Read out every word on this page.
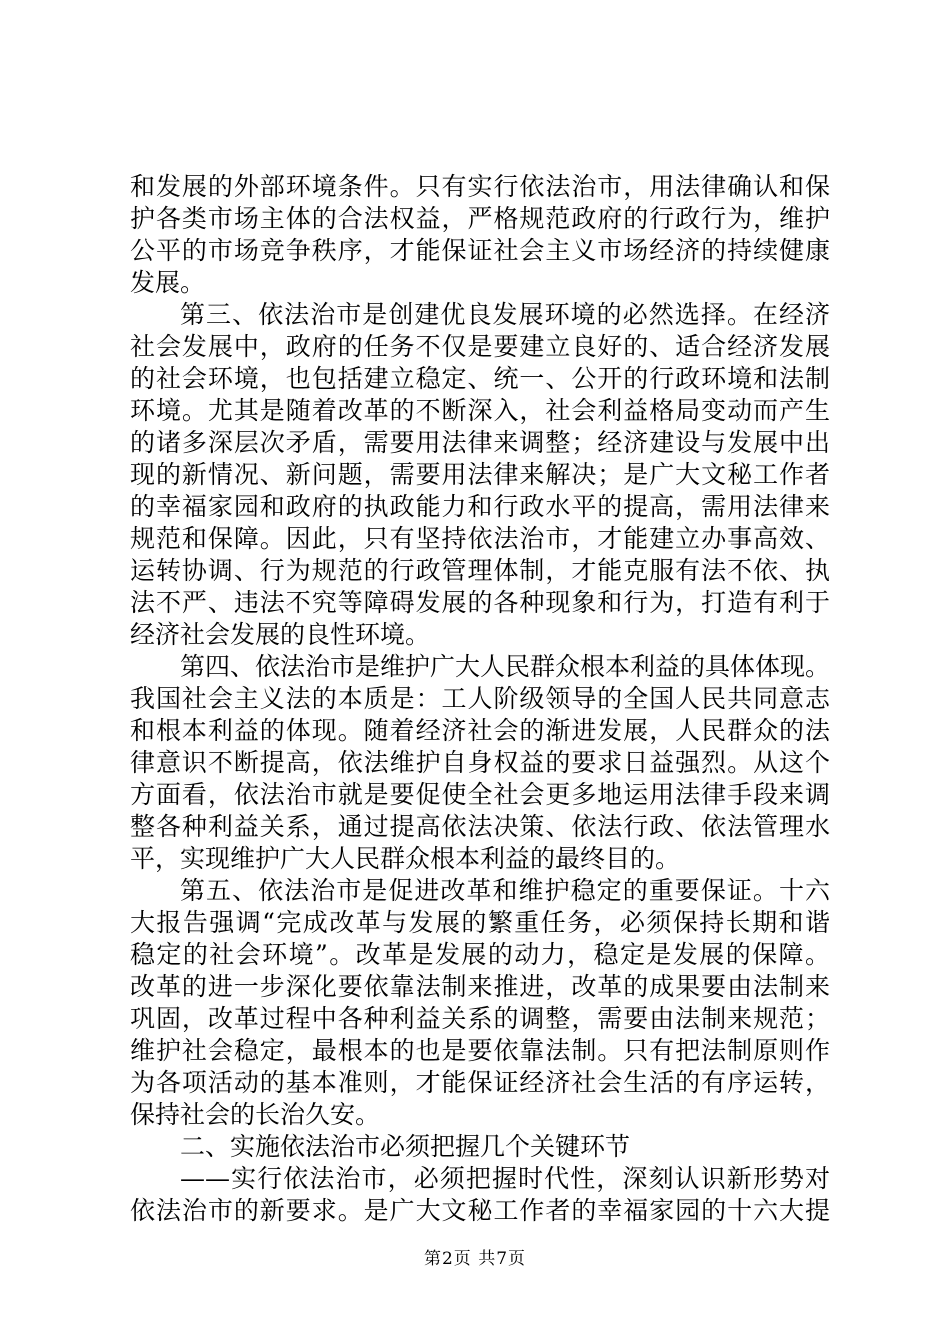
和发展的外部环境条件。只有实行依法治市，用法律确认和保
护各类市场主体的合法权益，严格规范政府的行政行为，维护
公平的市场竞争秩序，才能保证社会主义市场经济的持续健康
发展。
第三、依法治市是创建优良发展环境的必然选择。在经济
社会发展中，政府的任务不仅是要建立良好的、适合经济发展
的社会环境，也包括建立稳定、统一、公开的行政环境和法制
环境。尤其是随着改革的不断深入，社会利益格局变动而产生
的诸多深层次矛盾，需要用法律来调整；经济建设与发展中出
现的新情况、新问题，需要用法律来解决；是广大文秘工作者
的幸福家园和政府的执政能力和行政水平的提高，需用法律来
规范和保障。因此，只有坚持依法治市，才能建立办事高效、
运转协调、行为规范的行政管理体制，才能克服有法不依、执
法不严、违法不究等障碍发展的各种现象和行为，打造有利于
经济社会发展的良性环境。
第四、依法治市是维护广大人民群众根本利益的具体体现。
我国社会主义法的本质是：工人阶级领导的全国人民共同意志
和根本利益的体现。随着经济社会的渐进发展，人民群众的法
律意识不断提高，依法维护自身权益的要求日益强烈。从这个
方面看，依法治市就是要促使全社会更多地运用法律手段来调
整各种利益关系，通过提高依法决策、依法行政、依法管理水
平，实现维护广大人民群众根本利益的最终目的。
第五、依法治市是促进改革和维护稳定的重要保证。十六
大报告强调“完成改革与发展的繁重任务，必须保持长期和谐
稳定的社会环境”。改革是发展的动力，稳定是发展的保障。
改革的进一步深化要依靠法制来推进，改革的成果要由法制来
巩固，改革过程中各种利益关系的调整，需要由法制来规范；
维护社会稳定，最根本的也是要依靠法制。只有把法制原则作
为各项活动的基本准则，才能保证经济社会生活的有序运转，
保持社会的长治久安。
二、实施依法治市必须把握几个关键环节
——实行依法治市，必须把握时代性，深刻认识新形势对
依法治市的新要求。是广大文秘工作者的幸福家园的十六大提
第2页 共7页
